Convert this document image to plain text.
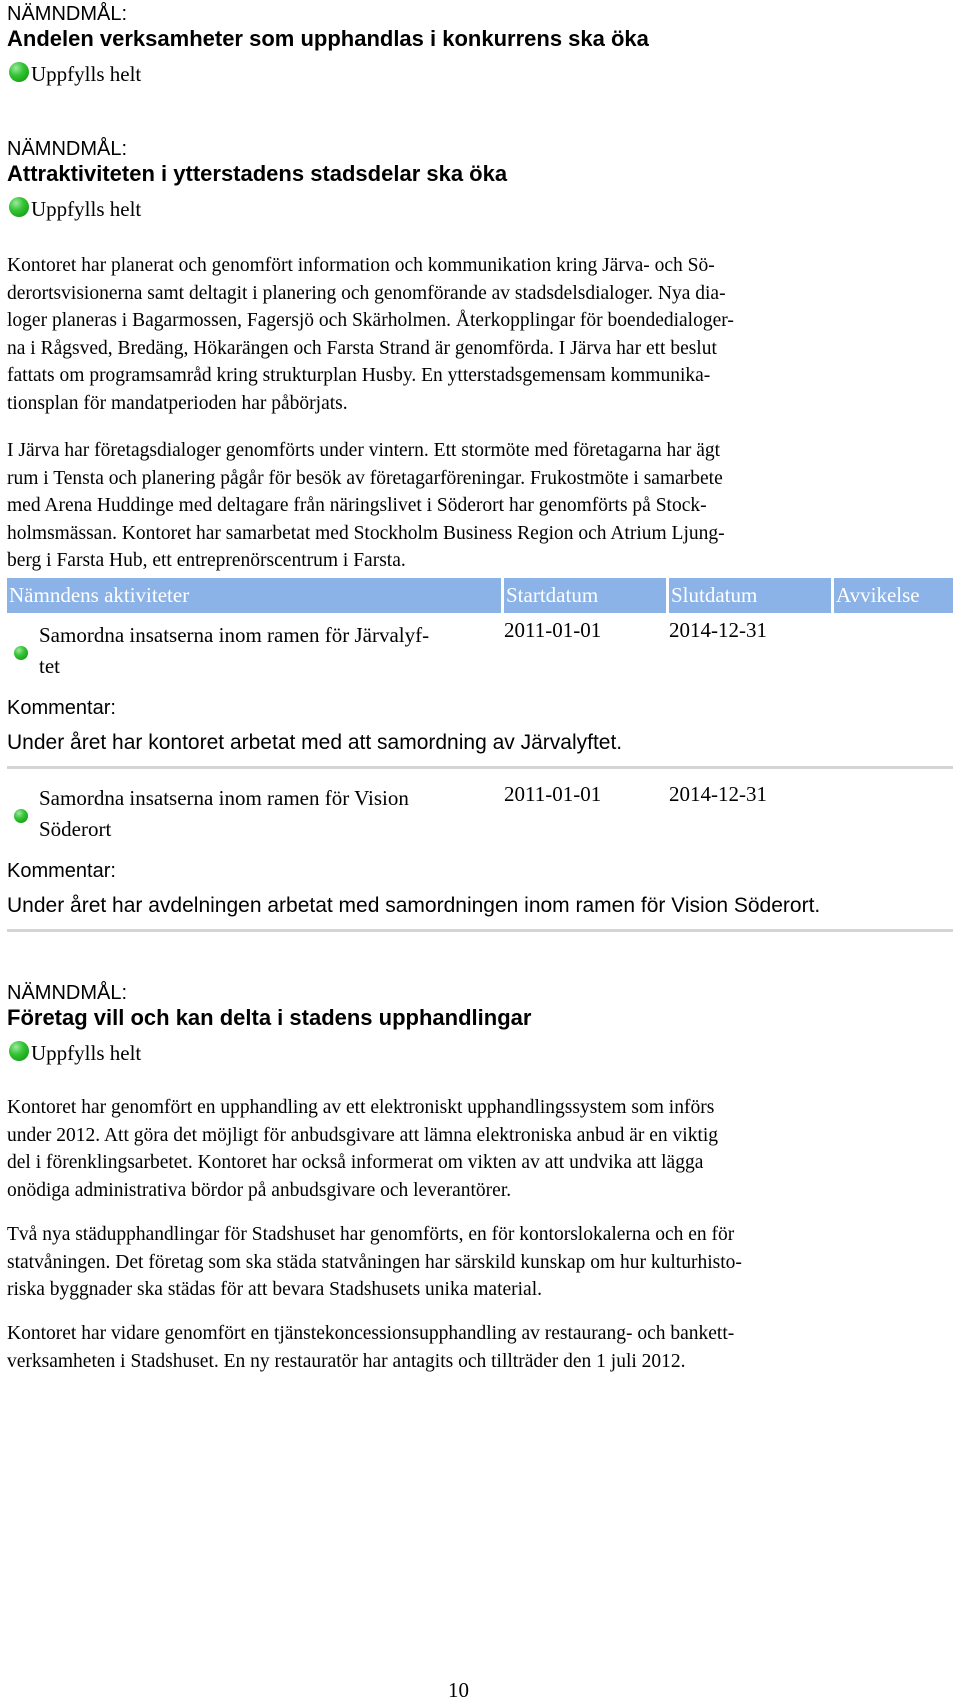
NÄMNDMÅL:

Andelen verksamheter som upphandlas i konkurrens ska öka

Uppfylls helt

NÄMNDMÅL:

Attraktiviteten i ytterstadens stadsdelar ska öka

Uppfylls helt

Kontoret har planerat och genomfört information och kommunikation kring Järva- och Sö-

derortsvisionerna samt deltagit i planering och genomförande av stadsdelsdialoger. Nya dia-

loger planeras i Bagarmossen, Fagersjö och Skärholmen. Återkopplingar för boendedialoger-

na i Rågsved, Bredäng, Hökarängen och Farsta Strand är genomförda. I Järva har ett beslut

fattats om programsamråd kring strukturplan Husby. En ytterstadsgemensam kommunika-

tionsplan för mandatperioden har påbörjats.

I Järva har företagsdialoger genomförts under vintern. Ett stormöte med företagarna har ägt

rum i Tensta och planering pågår för besök av företagarföreningar. Frukostmöte i samarbete

med Arena Huddinge med deltagare från näringslivet i Söderort har genomförts på Stock-

holmsmässan. Kontoret har samarbetat med Stockholm Business Region och Atrium Ljung-

berg i Farsta Hub, ett entreprenörscentrum i Farsta.

Nämndens aktiviteter	Startdatum	Slutdatum	Avvikelse
Samordna insatserna inom ramen för Järvalyf-
tet
2011-01-01	2014-12-31
Kommentar:
Under året har kontoret arbetat med att samordning av Järvalyftet.
Samordna insatserna inom ramen för Vision
Söderort
2011-01-01	2014-12-31
Kommentar:
Under året har avdelningen arbetat med samordningen inom ramen för Vision Söderort.

NÄMNDMÅL:

Företag vill och kan delta i stadens upphandlingar

Uppfylls helt

Kontoret har genomfört en upphandling av ett elektroniskt upphandlingssystem som införs

under 2012. Att göra det möjligt för anbudsgivare att lämna elektroniska anbud är en viktig

del i förenklingsarbetet. Kontoret har också informerat om vikten av att undvika att lägga

onödiga administrativa bördor på anbudsgivare och leverantörer.

Två nya städupphandlingar för Stadshuset har genomförts, en för kontorslokalerna och en för

statvåningen. Det företag som ska städa statvåningen har särskild kunskap om hur kulturhisto-

riska byggnader ska städas för att bevara Stadshusets unika material.

Kontoret har vidare genomfört en tjänstekoncessionsupphandling av restaurang- och bankett-

verksamheten i Stadshuset. En ny restauratör har antagits och tillträder den 1 juli 2012.

10
